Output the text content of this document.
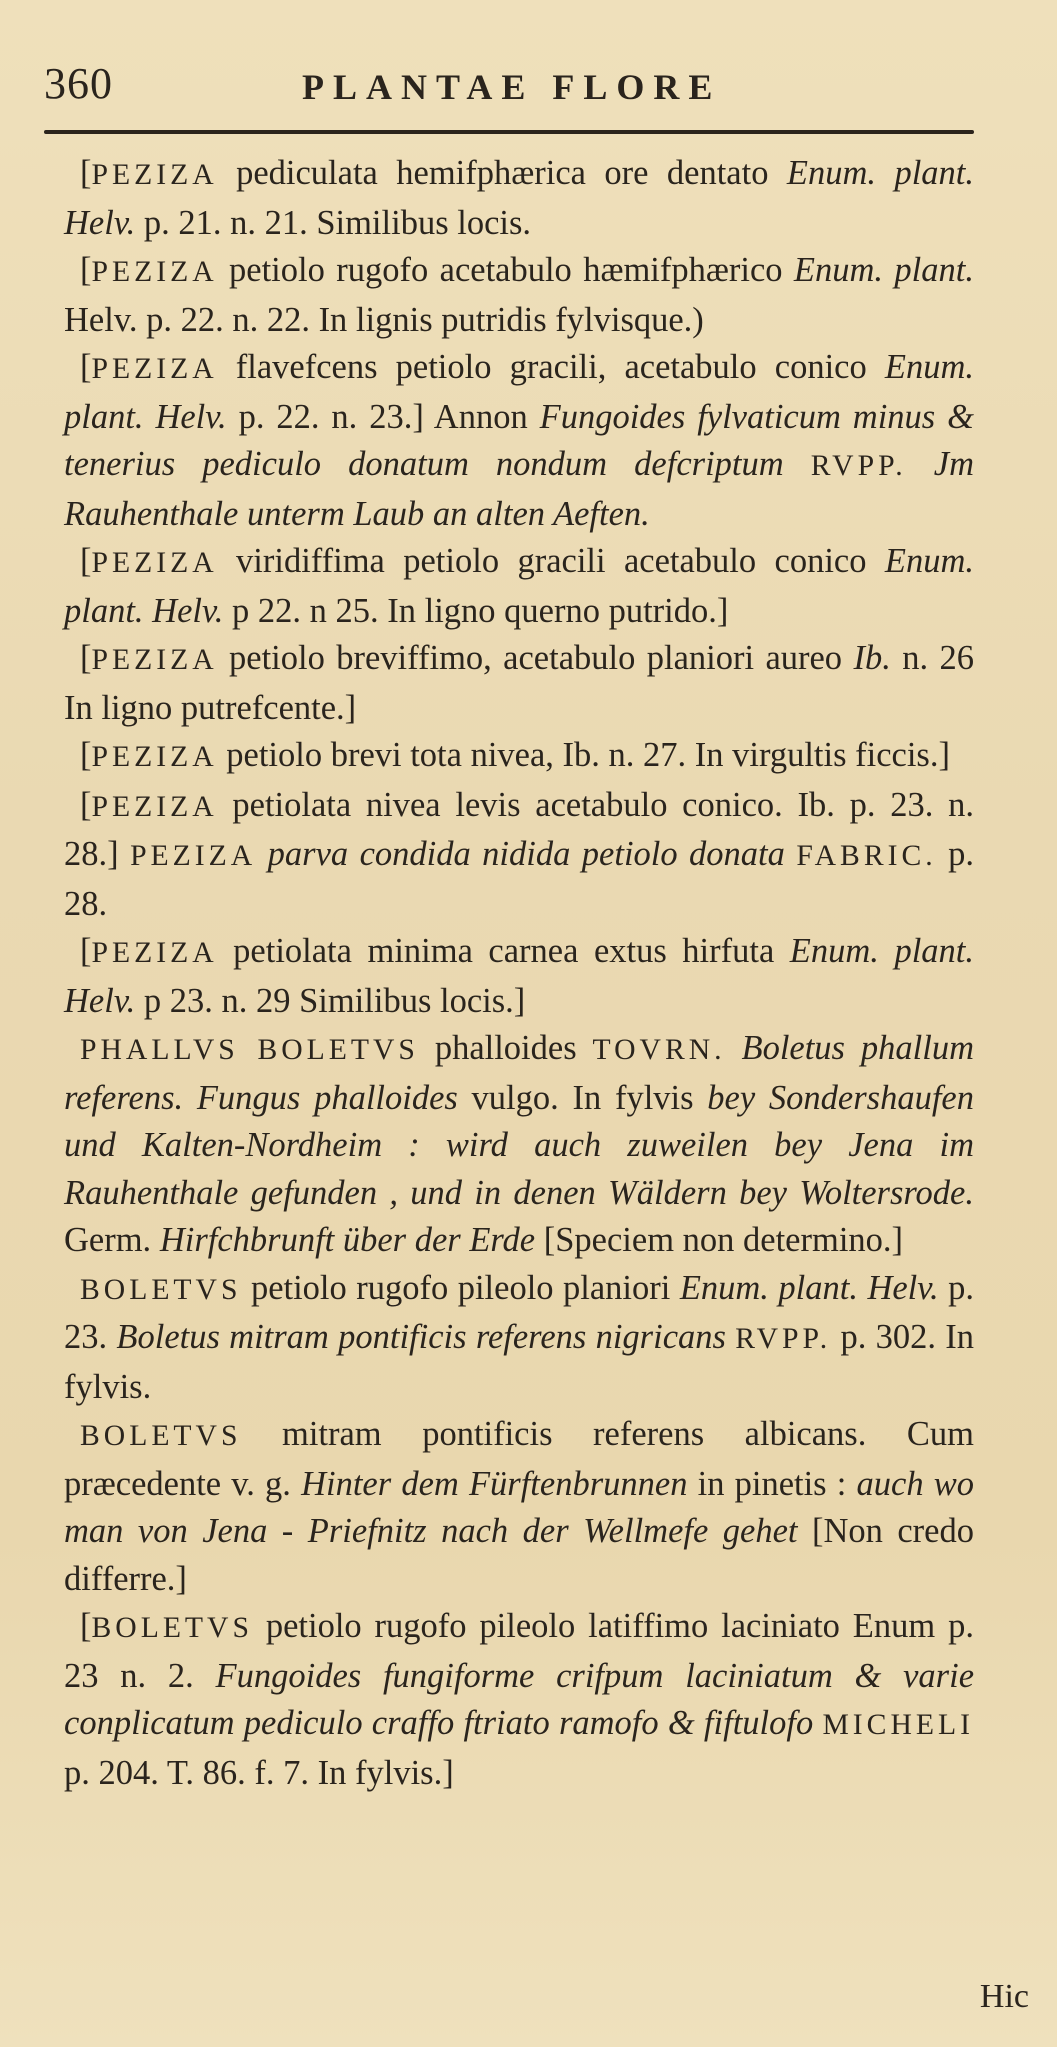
360	PLANTAE FLORE

[PEZIZA pediculata hemifphærica ore dentato Enum. plant. Helv. p. 21. n. 21. Similibus locis.

[PEZIZA petiolo rugofo acetabulo hæmifphærico Enum. plant. Helv. p. 22. n. 22. In lignis putridis fylvisque.)

[PEZIZA flavefcens petiolo gracili, acetabulo conico Enum. plant. Helv. p. 22. n. 23.] Annon Fungoides fylvaticum minus & tenerius pediculo donatum nondum defcriptum RVPP. Jm Rauhenthale unterm Laub an alten Aeften.

[PEZIZA viridiffima petiolo gracili acetabulo conico Enum. plant. Helv. p 22. n 25. In ligno querno putrido.]

[PEZIZA petiolo breviffimo, acetabulo planiori aureo Ib. n. 26 In ligno putrefcente.]

[PEZIZA petiolo brevi tota nivea, Ib. n. 27. In virgultis ficcis.]

[PEZIZA petiolata nivea levis acetabulo conico. Ib. p. 23. n. 28.] PEZIZA parva condida nidida petiolo donata FABRIC. p. 28.

[PEZIZA petiolata minima carnea extus hirfuta Enum. plant. Helv. p 23. n. 29 Similibus locis.]

PHALLVS BOLETVS phalloides TOVRN. Boletus phallum referens. Fungus phalloides vulgo. In fylvis bey Sondershaufen und Kalten-Nordheim : wird auch zuweilen bey Jena im Rauhenthale gefunden , und in denen Wäldern bey Woltersrode. Germ. Hirfchbrunft über der Erde [Speciem non determino.]

BOLETVS petiolo rugofo pileolo planiori Enum. plant. Helv. p. 23. Boletus mitram pontificis referens nigricans RVPP. p. 302. In fylvis.

BOLETVS mitram pontificis referens albicans. Cum præcedente v. g. Hinter dem Fürftenbrunnen in pinetis : auch wo man von Jena - Priefnitz nach der Wellmefe gehet [Non credo differre.]

[BOLETVS petiolo rugofo pileolo latiffimo laciniato Enum p. 23 n. 2. Fungoides fungiforme crifpum laciniatum & varie conplicatum pediculo craffo ftriato ramofo & fiftulofo MICHELI p. 204. T. 86. f. 7. In fylvis.]

Hic
